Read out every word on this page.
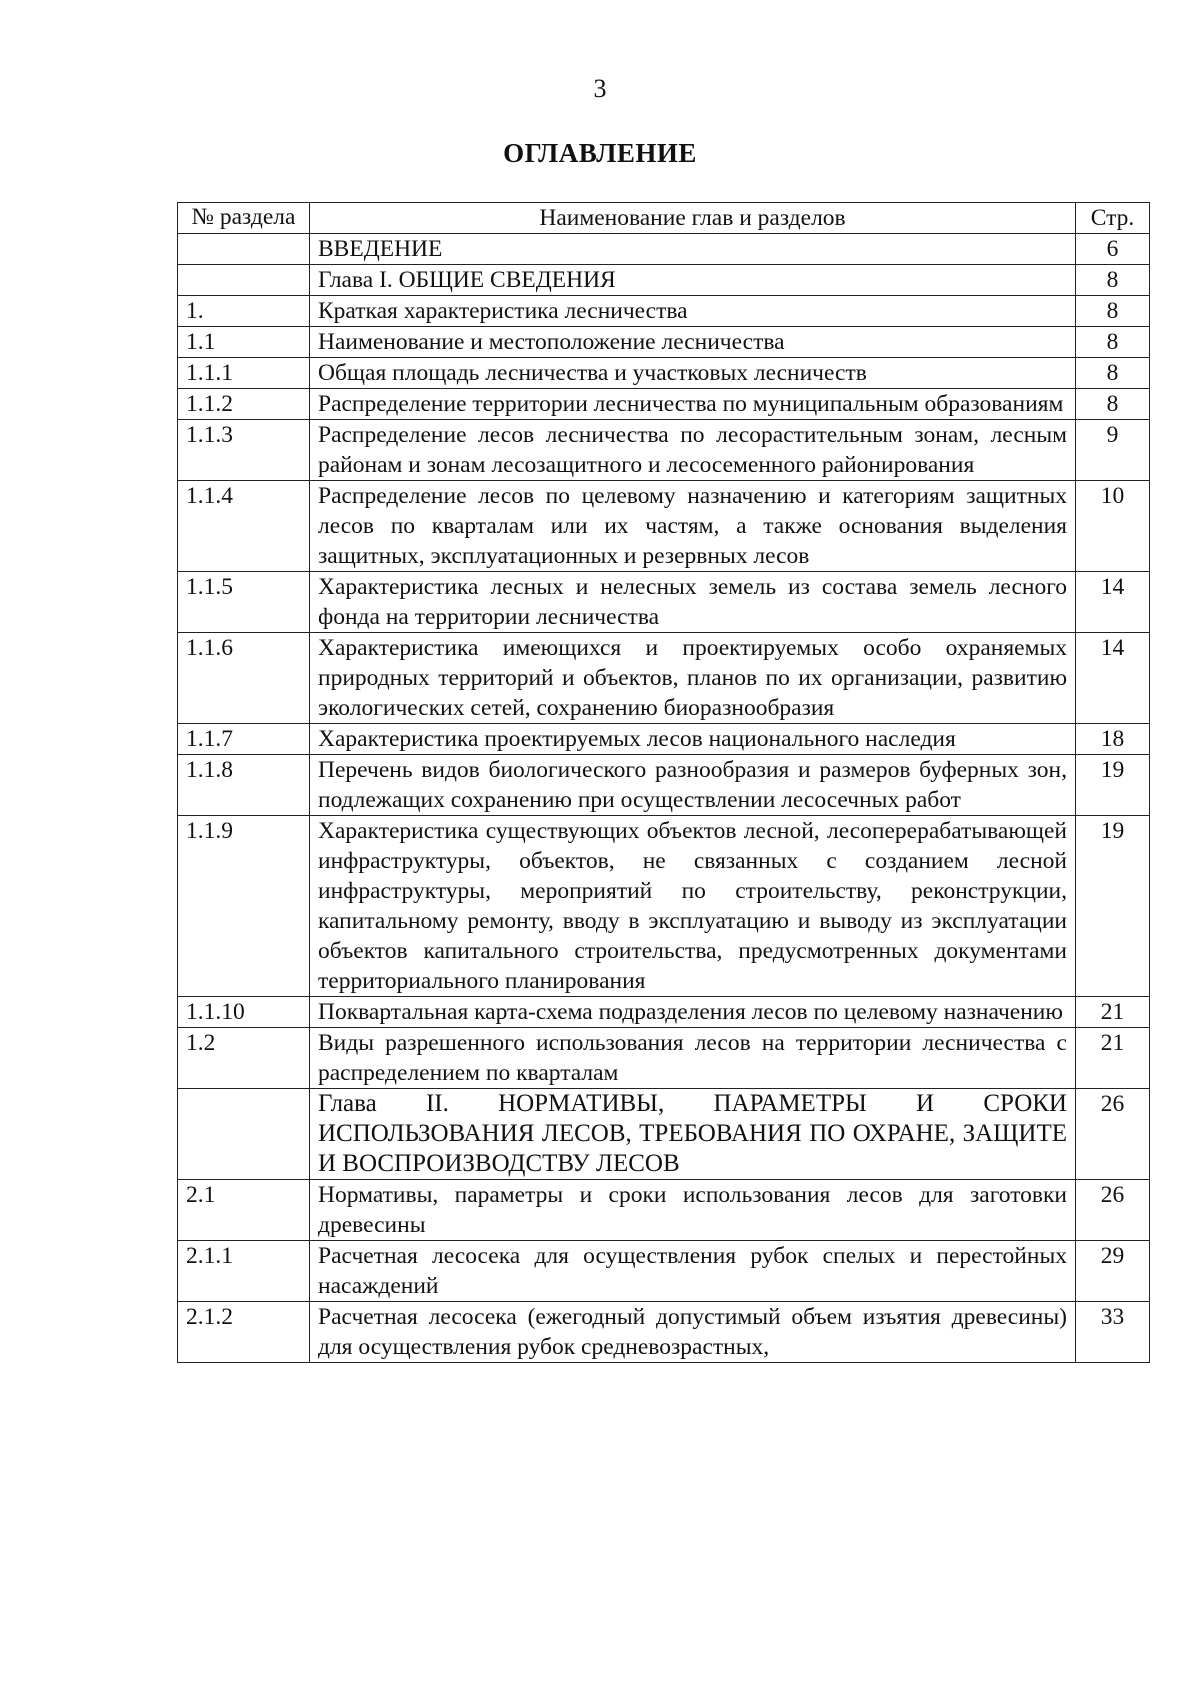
3
ОГЛАВЛЕНИЕ
№ раздела	Наименование глав и разделов	Стр.
	ВВЕДЕНИЕ	6
	Глава I. ОБЩИЕ СВЕДЕНИЯ	8
1.	Краткая характеристика лесничества	8
1.1	Наименование и местоположение лесничества	8
1.1.1	Общая площадь лесничества и участковых лесничеств	8
1.1.2	Распределение территории лесничества по муниципальным образованиям	8
1.1.3	Распределение лесов лесничества по лесорастительным зонам, лесным районам и зонам лесозащитного и лесосеменного районирования	9
1.1.4	Распределение лесов по целевому назначению и категориям защитных лесов по кварталам или их частям, а также основания выделения защитных, эксплуатационных и резервных лесов	10
1.1.5	Характеристика лесных и нелесных земель из состава земель лесного фонда на территории лесничества	14
1.1.6	Характеристика имеющихся и проектируемых особо охраняемых природных территорий и объектов, планов по их организации, развитию экологических сетей, сохранению биоразнообразия	14
1.1.7	Характеристика проектируемых лесов национального наследия	18
1.1.8	Перечень видов биологического разнообразия и размеров буферных зон, подлежащих сохранению при осуществлении лесосечных работ	19
1.1.9	Характеристика существующих объектов лесной, лесоперерабатывающей инфраструктуры, объектов, не связанных с созданием лесной инфраструктуры, мероприятий по строительству, реконструкции, капитальному ремонту, вводу в эксплуатацию и выводу из эксплуатации объектов капитального строительства, предусмотренных документами территориального планирования	19
1.1.10	Поквартальная карта-схема подразделения лесов по целевому назначению	21
1.2	Виды разрешенного использования лесов на территории лесничества с распределением по кварталам	21
	Глава II. НОРМАТИВЫ, ПАРАМЕТРЫ И СРОКИ ИСПОЛЬЗОВАНИЯ ЛЕСОВ, ТРЕБОВАНИЯ ПО ОХРАНЕ, ЗАЩИТЕ И ВОСПРОИЗВОДСТВУ ЛЕСОВ	26
2.1	Нормативы, параметры и сроки использования лесов для заготовки древесины	26
2.1.1	Расчетная лесосека для осуществления рубок спелых и перестойных насаждений	29
2.1.2	Расчетная лесосека (ежегодный допустимый объем изъятия древесины) для осуществления рубок средневозрастных,	33
